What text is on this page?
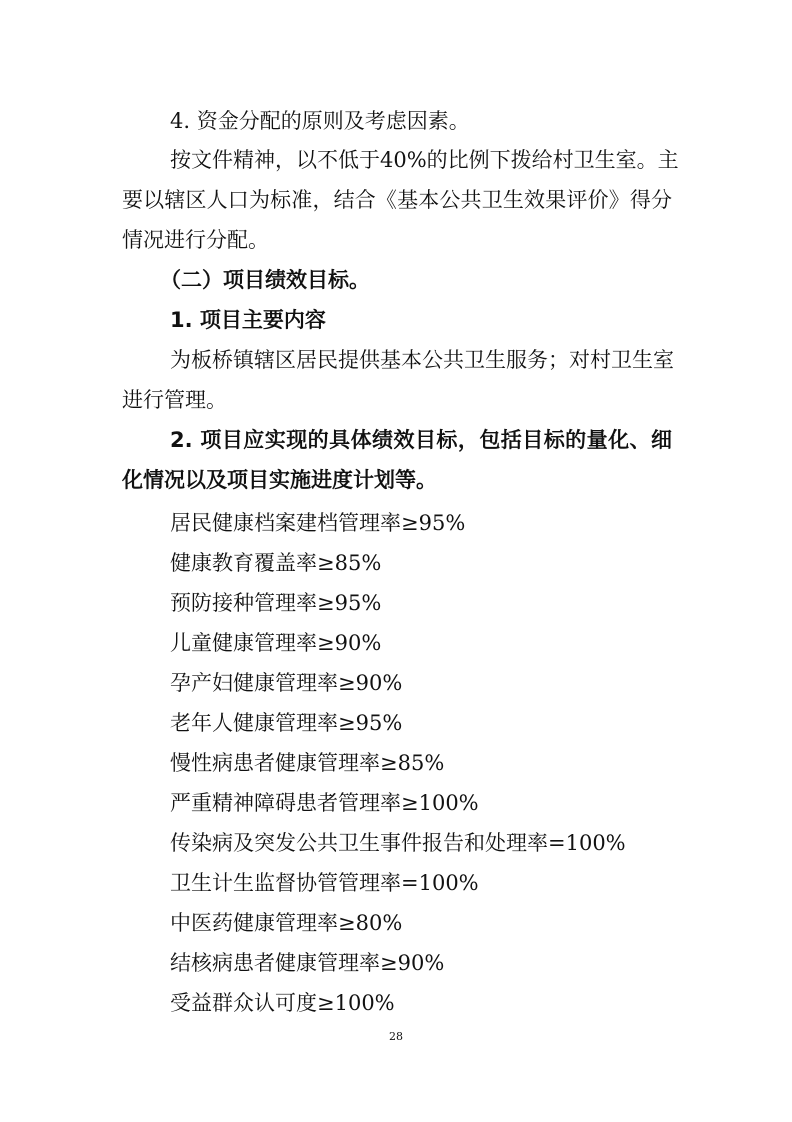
4. 资金分配的原则及考虑因素。
按文件精神，以不低于40%的比例下拨给村卫生室。主
要以辖区人口为标准，结合《基本公共卫生效果评价》得分
情况进行分配。
（二）项目绩效目标。
1. 项目主要内容
为板桥镇辖区居民提供基本公共卫生服务；对村卫生室
进行管理。
2. 项目应实现的具体绩效目标，包括目标的量化、细
化情况以及项目实施进度计划等。
居民健康档案建档管理率≥95%
健康教育覆盖率≥85%
预防接种管理率≥95%
儿童健康管理率≥90%
孕产妇健康管理率≥90%
老年人健康管理率≥95%
慢性病患者健康管理率≥85%
严重精神障碍患者管理率≥100%
传染病及突发公共卫生事件报告和处理率=100%
卫生计生监督协管管理率=100%
中医药健康管理率≥80%
结核病患者健康管理率≥90%
受益群众认可度≥100%
28
